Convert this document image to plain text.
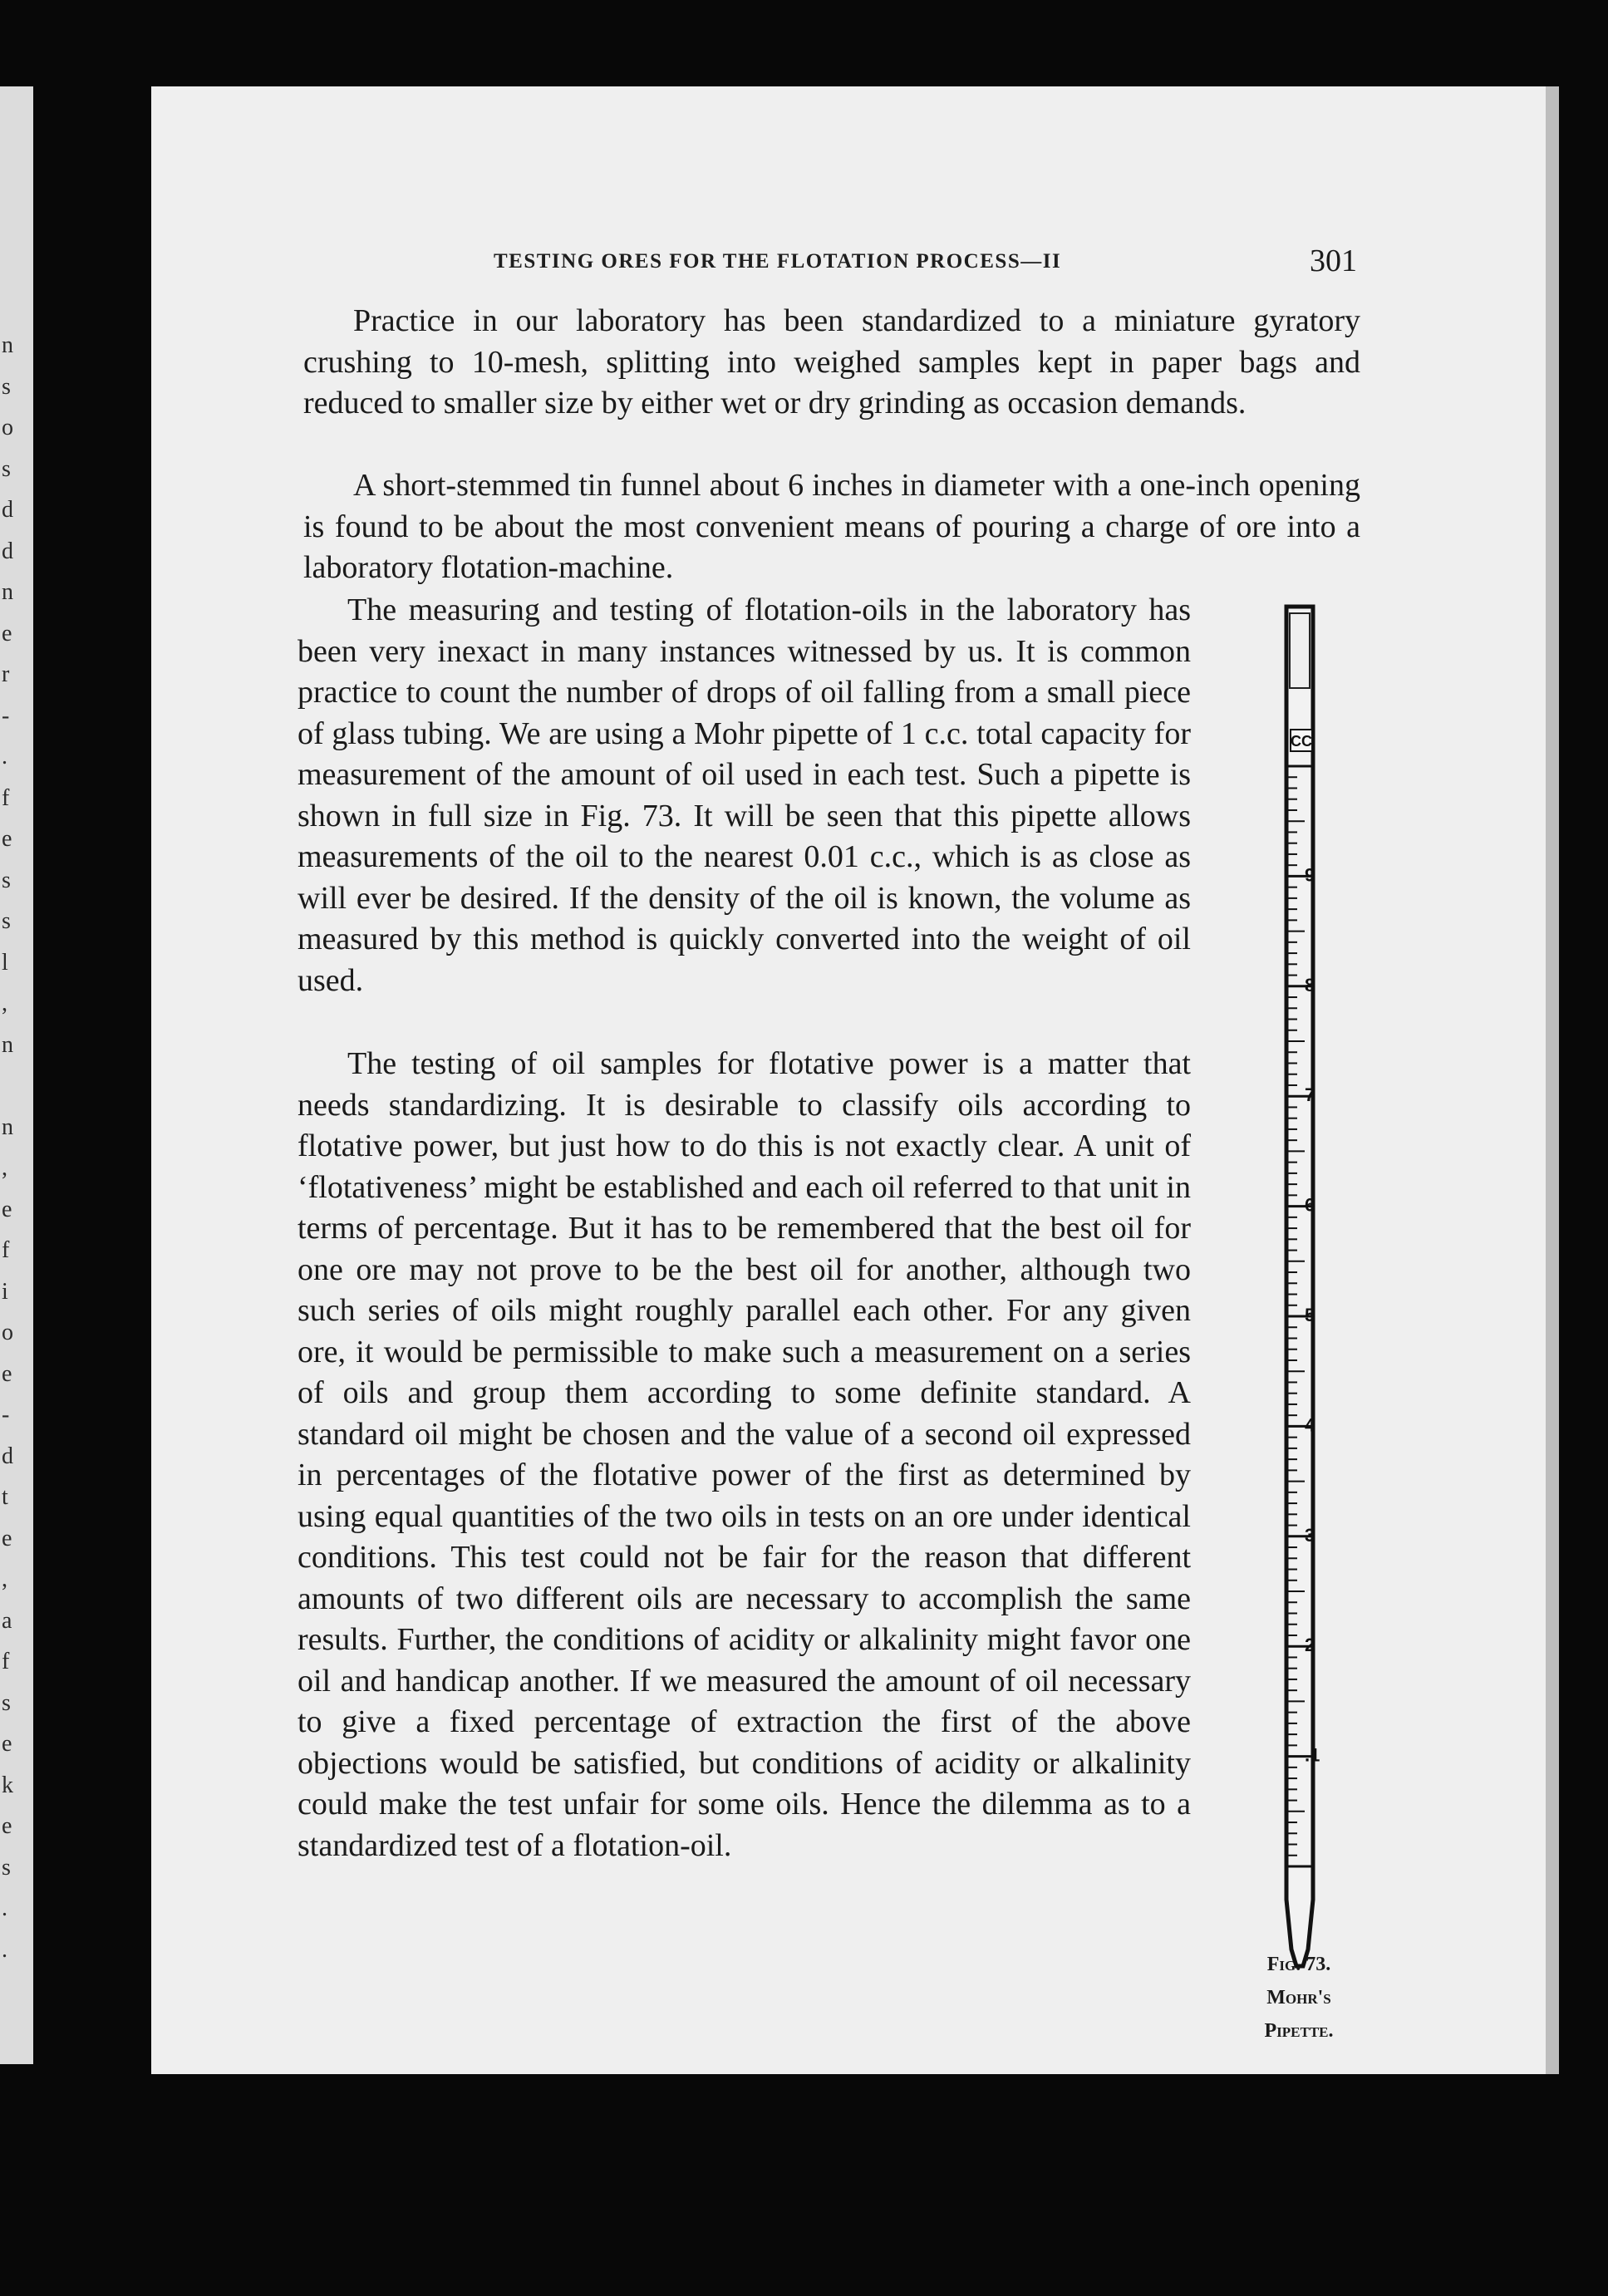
n
s
o
s
d
d
n
e
r
-
.
f
e
s
s
l
,
n
n
,
e
f
i
o
e
-
d
t
e
,
a
f
s
e
k
e
s
.
.
TESTING ORES FOR THE FLOTATION PROCESS—II	301

Practice in our laboratory has been standardized to a miniature gyratory crushing to 10-mesh, splitting into weighed samples kept in paper bags and reduced to smaller size by either wet or dry grinding as occasion demands.

A short-stemmed tin funnel about 6 inches in diameter with a one-inch opening is found to be about the most convenient means of pouring a charge of ore into a laboratory flotation-machine.

The measuring and testing of flotation-oils in the laboratory has been very inexact in many instances witnessed by us. It is common practice to count the number of drops of oil falling from a small piece of glass tubing. We are using a Mohr pipette of 1 c.c. total capacity for measurement of the amount of oil used in each test. Such a pipette is shown in full size in Fig. 73. It will be seen that this pipette allows measurements of the oil to the nearest 0.01 c.c., which is as close as will ever be desired. If the density of the oil is known, the volume as measured by this method is quickly converted into the weight of oil used.

The testing of oil samples for flotative power is a matter that needs standardizing. It is desirable to classify oils according to flotative power, but just how to do this is not exactly clear. A unit of ‘flotativeness’ might be established and each oil referred to that unit in terms of percentage. But it has to be remembered that the best oil for one ore may not prove to be the best oil for another, although two such series of oils might roughly parallel each other. For any given ore, it would be permissible to make such a measurement on a series of oils and group them according to some definite standard. A standard oil might be chosen and the value of a second oil expressed in percentages of the flotative power of the first as determined by using equal quantities of the two oils in tests on an ore under identical conditions. This test could not be fair for the reason that different amounts of two different oils are necessary to accomplish the same results. Further, the conditions of acidity or alkalinity might favor one oil and handicap another. If we measured the amount of oil necessary to give a fixed percentage of extraction the first of the above objections would be satisfied, but conditions of acidity or alkalinity could make the test unfair for some oils. Hence the dilemma as to a standardized test of a flotation-oil.

CC
9
8
7
6
5
4
3
2
.1
Fig. 73.
Mohr's
Pipette.
